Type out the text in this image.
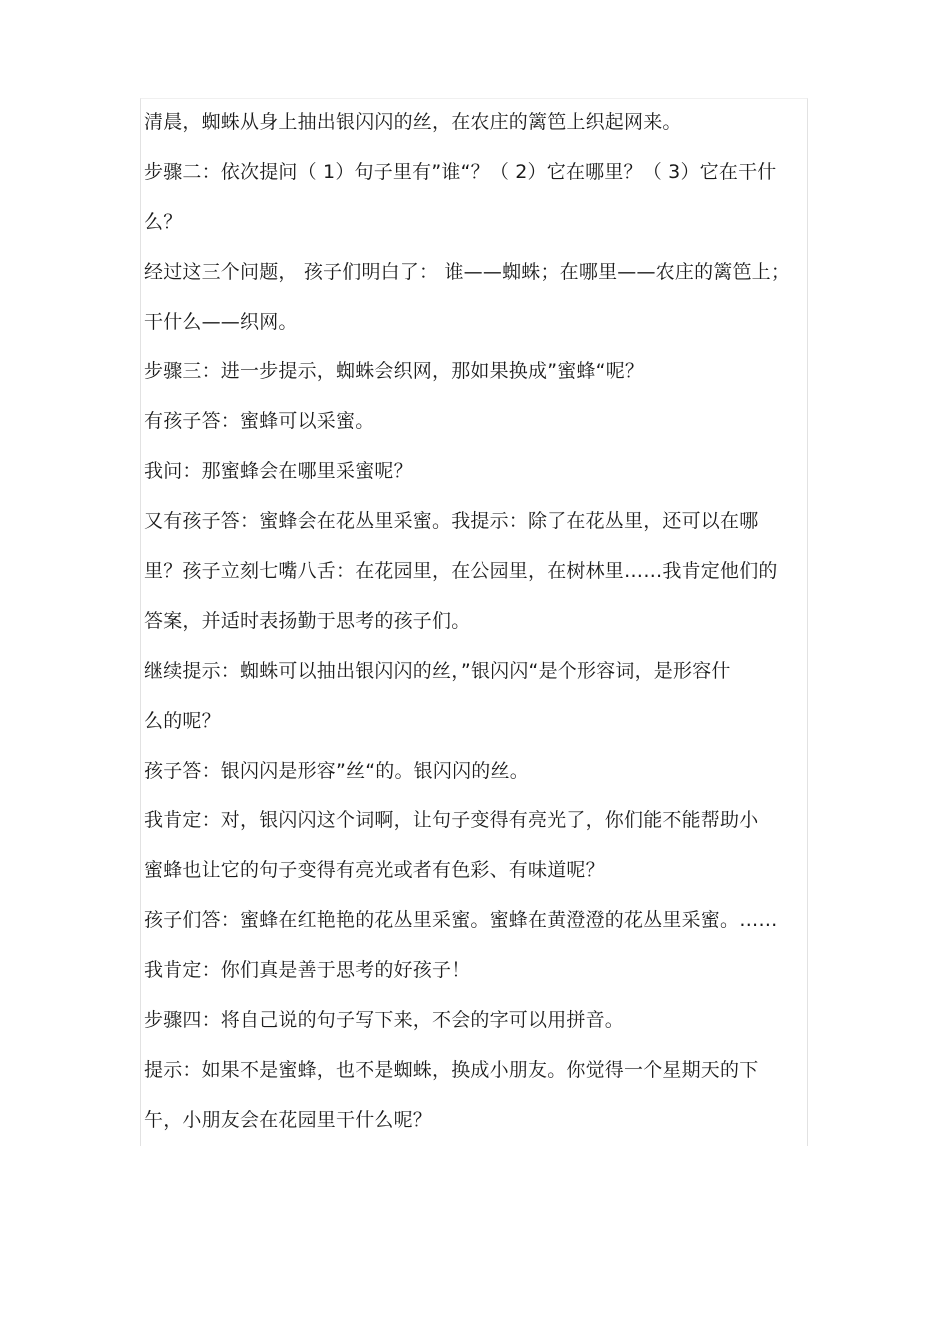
清晨，蜘蛛从身上抽出银闪闪的丝，在农庄的篱笆上织起网来。
步骤二：依次提问（ 1）句子里有”谁“？（ 2）它在哪里？（ 3）它在干什
么？
经过这三个问题， 孩子们明白了： 谁——蜘蛛；在哪里——农庄的篱笆上；
干什么——织网。
步骤三：进一步提示，蜘蛛会织网，那如果换成”蜜蜂“呢？
有孩子答：蜜蜂可以采蜜。
我问：那蜜蜂会在哪里采蜜呢？
又有孩子答：蜜蜂会在花丛里采蜜。我提示：除了在花丛里，还可以在哪
里？孩子立刻七嘴八舌：在花园里，在公园里，在树林里……我肯定他们的
答案，并适时表扬勤于思考的孩子们。
继续提示：蜘蛛可以抽出银闪闪的丝，”银闪闪“是个形容词，是形容什
么的呢？
孩子答：银闪闪是形容”丝“的。银闪闪的丝。
我肯定：对，银闪闪这个词啊，让句子变得有亮光了，你们能不能帮助小
蜜蜂也让它的句子变得有亮光或者有色彩、有味道呢？
孩子们答：蜜蜂在红艳艳的花丛里采蜜。蜜蜂在黄澄澄的花丛里采蜜。……
我肯定：你们真是善于思考的好孩子！
步骤四：将自己说的句子写下来，不会的字可以用拼音。
提示：如果不是蜜蜂，也不是蜘蛛，换成小朋友。你觉得一个星期天的下
午，小朋友会在花园里干什么呢？
